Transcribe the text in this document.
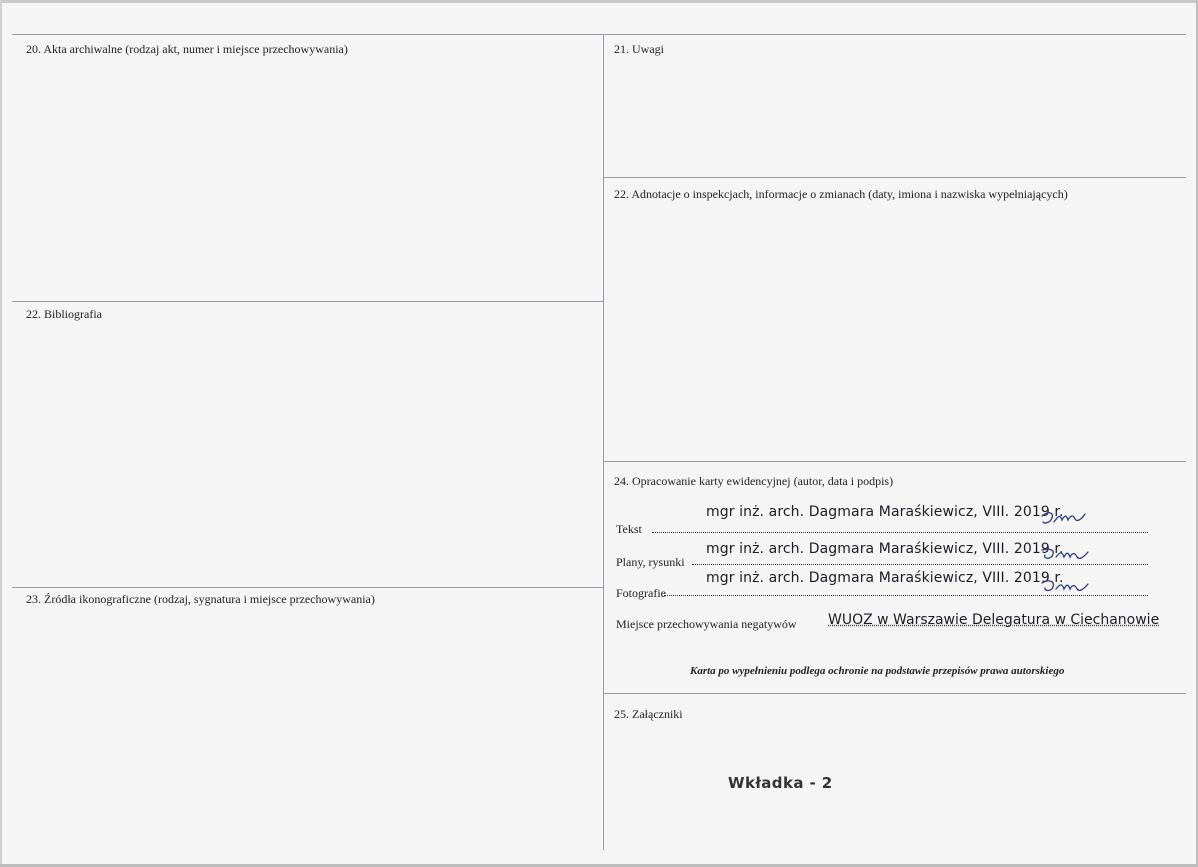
20. Akta archiwalne (rodzaj akt, numer i miejsce przechowywania)
22. Bibliografia
23. Źródła ikonograficzne (rodzaj, sygnatura i miejsce przechowywania)
21. Uwagi
22. Adnotacje o inspekcjach, informacje o zmianach (daty, imiona i nazwiska wypełniających)
24. Opracowanie karty ewidencyjnej (autor, data i podpis)
mgr inż. arch. Dagmara Maraśkiewicz, VIII. 2019 r.
Tekst
mgr inż. arch. Dagmara Maraśkiewicz, VIII. 2019 r.
Plany, rysunki
mgr inż. arch. Dagmara Maraśkiewicz, VIII. 2019 r.
Fotografie
Miejsce przechowywania negatywów WUOZ w Warszawie Delegatura w Ciechanowie
Karta po wypełnieniu podlega ochronie na podstawie przepisów prawa autorskiego
25. Załączniki
Wkładka - 2
